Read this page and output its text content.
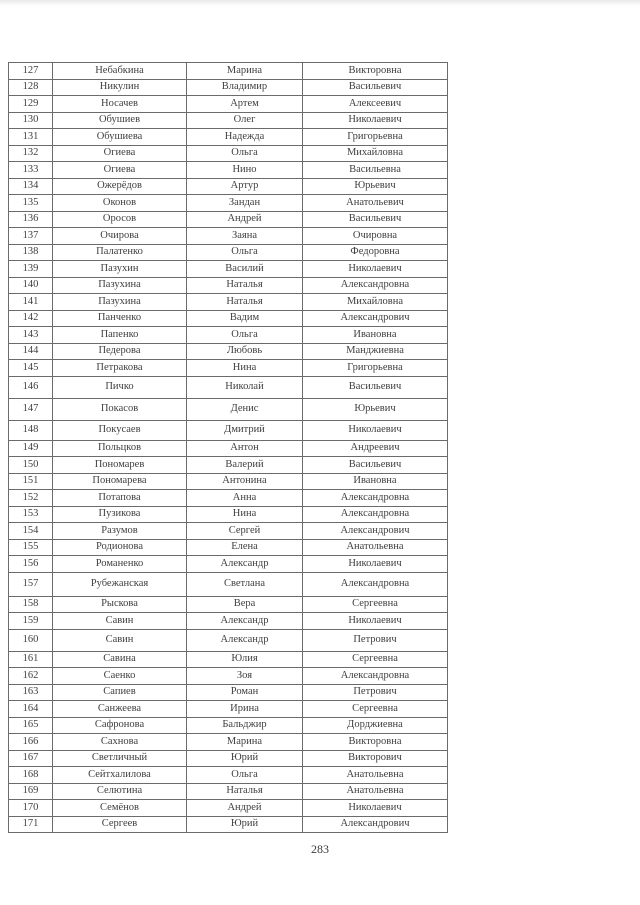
127	Небабкина	Марина	Викторовна
128	Никулин	Владимир	Васильевич
129	Носачев	Артем	Алексеевич
130	Обушиев	Олег	Николаевич
131	Обушиева	Надежда	Григорьевна
132	Огиева	Ольга	Михайловна
133	Огиева	Нино	Васильевна
134	Ожерёдов	Артур	Юрьевич
135	Оконов	Зандан	Анатольевич
136	Оросов	Андрей	Васильевич
137	Очирова	Заяна	Очировна
138	Палатенко	Ольга	Федоровна
139	Пазухин	Василий	Николаевич
140	Пазухина	Наталья	Александровна
141	Пазухина	Наталья	Михайловна
142	Панченко	Вадим	Александрович
143	Папенко	Ольга	Ивановна
144	Педерова	Любовь	Манджиевна
145	Петракова	Нина	Григорьевна
146	Пичко	Николай	Васильевич
147	Покасов	Денис	Юрьевич
148	Покусаев	Дмитрий	Николаевич
149	Польцков	Антон	Андреевич
150	Пономарев	Валерий	Васильевич
151	Пономарева	Антонина	Ивановна
152	Потапова	Анна	Александровна
153	Пузикова	Нина	Александровна
154	Разумов	Сергей	Александрович
155	Родионова	Елена	Анатольевна
156	Романенко	Александр	Николаевич
157	Рубежанская	Светлана	Александровна
158	Рыскова	Вера	Сергеевна
159	Савин	Александр	Николаевич
160	Савин	Александр	Петрович
161	Савина	Юлия	Сергеевна
162	Саенко	Зоя	Александровна
163	Сапиев	Роман	Петрович
164	Санжеева	Ирина	Сергеевна
165	Сафронова	Бальджир	Дорджиевна
166	Сахнова	Марина	Викторовна
167	Светличный	Юрий	Викторович
168	Сейтхалилова	Ольга	Анатольевна
169	Селютина	Наталья	Анатольевна
170	Семёнов	Андрей	Николаевич
171	Сергеев	Юрий	Александрович
283
